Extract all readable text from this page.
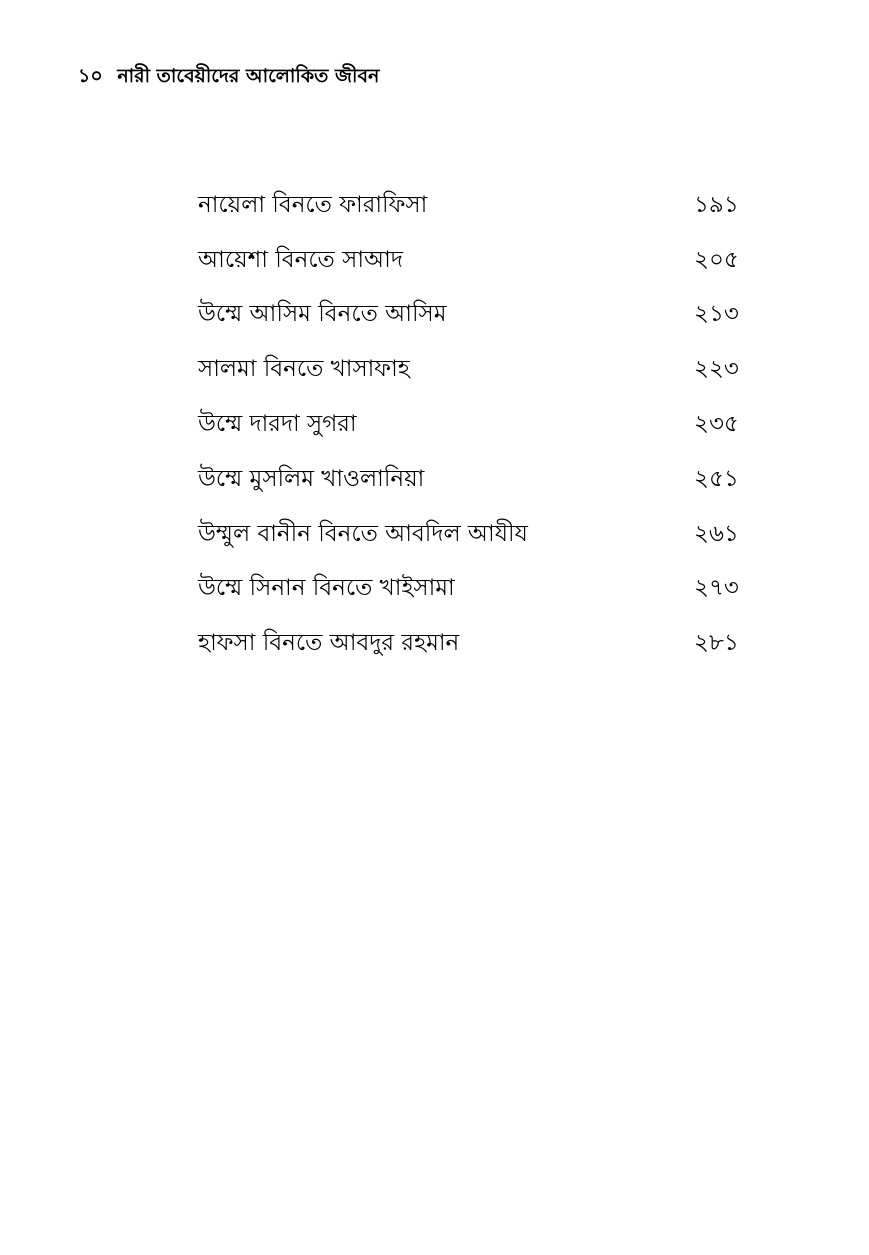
১০ নারী তাবেয়ীদের আলোকিত জীবন
নায়েলা বিনতে ফারাফিসা	১৯১
আয়েশা বিনতে সাআদ	২০৫
উম্মে আসিম বিনতে আসিম	২১৩
সালমা বিনতে খাসাফাহ	২২৩
উম্মে দারদা সুগরা	২৩৫
উম্মে মুসলিম খাওলানিয়া	২৫১
উম্মুল বানীন বিনতে আবদিল আযীয	২৬১
উম্মে সিনান বিনতে খাইসামা	২৭৩
হাফসা বিনতে আবদুর রহমান	২৮১
